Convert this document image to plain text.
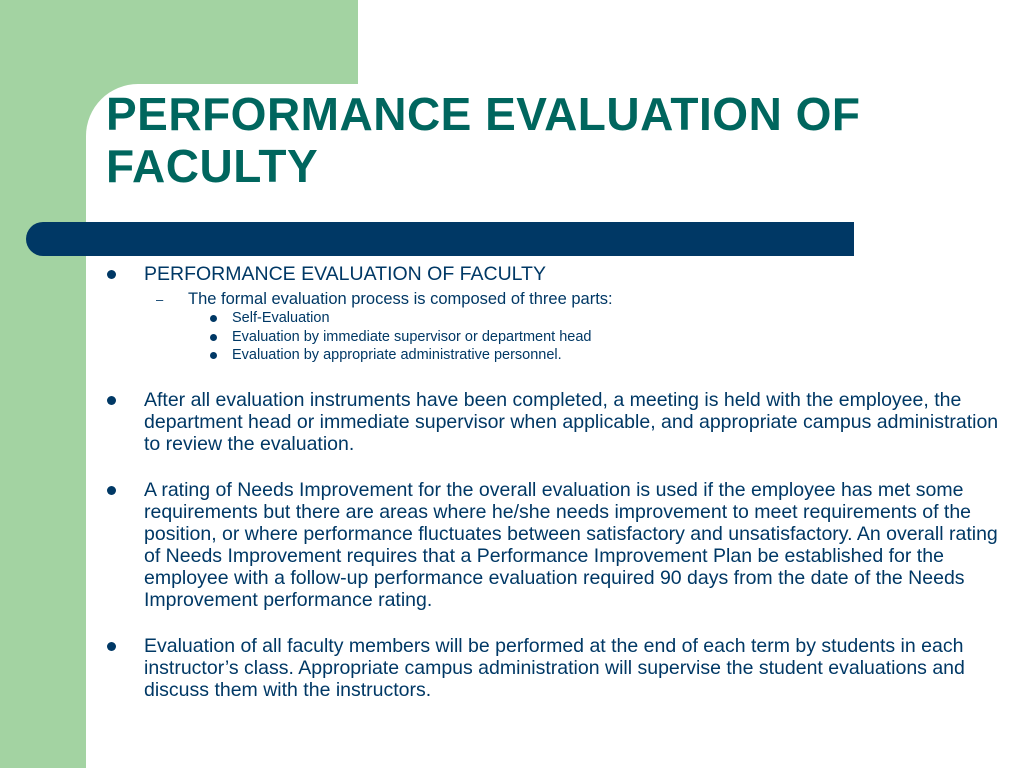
PERFORMANCE EVALUATION OF FACULTY
PERFORMANCE EVALUATION OF FACULTY
– The formal evaluation process is composed of three parts:
Self-Evaluation
Evaluation by immediate supervisor or department head
Evaluation by appropriate administrative personnel.
After all evaluation instruments have been completed, a meeting is held with the employee, the department head or immediate supervisor when applicable, and appropriate campus administration to review the evaluation.
A rating of Needs Improvement for the overall evaluation is used if the employee has met some requirements but there are areas where he/she needs improvement to meet requirements of the position, or where performance fluctuates between satisfactory and unsatisfactory. An overall rating of Needs Improvement requires that a Performance Improvement Plan be established for the employee with a follow-up performance evaluation required 90 days from the date of the Needs Improvement performance rating.
Evaluation of all faculty members will be performed at the end of each term by students in each instructor’s class. Appropriate campus administration will supervise the student evaluations and discuss them with the instructors.
